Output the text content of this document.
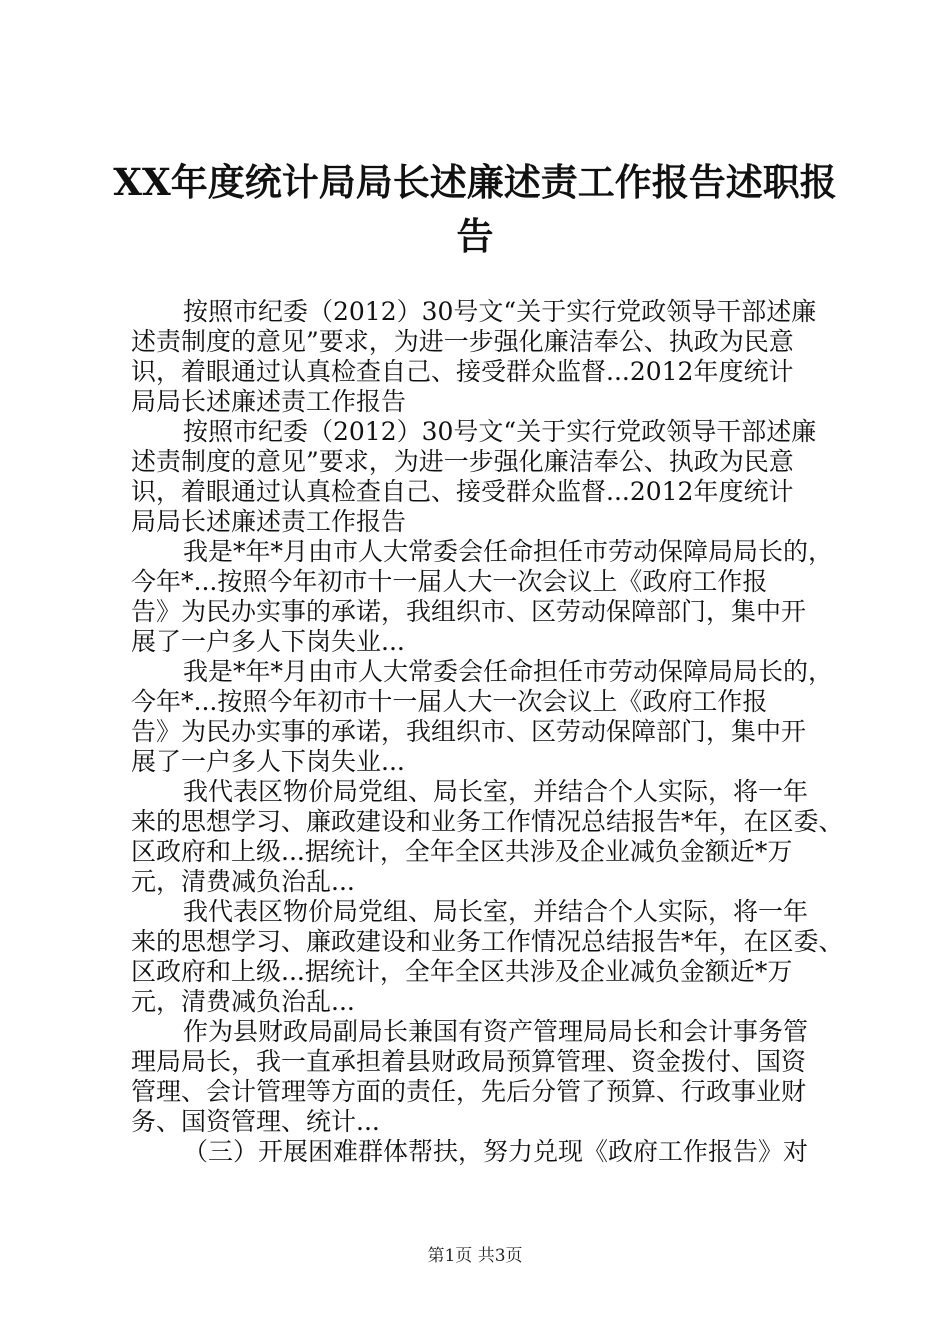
XX年度统计局局长述廉述责工作报告述职报
告
按照市纪委（2012）30号文“关于实行党政领导干部述廉
述责制度的意见”要求，为进一步强化廉洁奉公、执政为民意
识，着眼通过认真检查自己、接受群众监督...2012年度统计
局局长述廉述责工作报告
按照市纪委（2012）30号文“关于实行党政领导干部述廉
述责制度的意见”要求，为进一步强化廉洁奉公、执政为民意
识，着眼通过认真检查自己、接受群众监督...2012年度统计
局局长述廉述责工作报告
我是*年*月由市人大常委会任命担任市劳动保障局局长的，
今年*...按照今年初市十一届人大一次会议上《政府工作报
告》为民办实事的承诺，我组织市、区劳动保障部门，集中开
展了一户多人下岗失业...
我是*年*月由市人大常委会任命担任市劳动保障局局长的，
今年*...按照今年初市十一届人大一次会议上《政府工作报
告》为民办实事的承诺，我组织市、区劳动保障部门，集中开
展了一户多人下岗失业...
我代表区物价局党组、局长室，并结合个人实际，将一年
来的思想学习、廉政建设和业务工作情况总结报告*年，在区委、
区政府和上级...据统计，全年全区共涉及企业减负金额近*万
元，清费减负治乱...
我代表区物价局党组、局长室，并结合个人实际，将一年
来的思想学习、廉政建设和业务工作情况总结报告*年，在区委、
区政府和上级...据统计，全年全区共涉及企业减负金额近*万
元，清费减负治乱...
作为县财政局副局长兼国有资产管理局局长和会计事务管
理局局长，我一直承担着县财政局预算管理、资金拨付、国资
管理、会计管理等方面的责任，先后分管了预算、行政事业财
务、国资管理、统计...
（三）开展困难群体帮扶，努力兑现《政府工作报告》对
第1页 共3页
